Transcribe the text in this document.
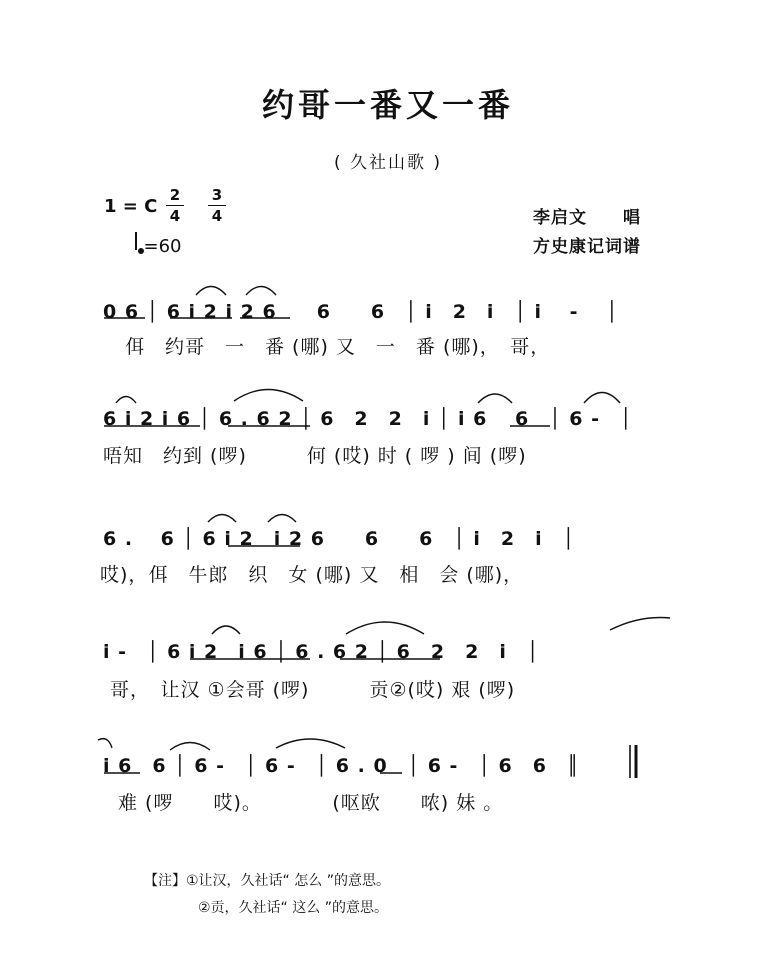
约哥一番又一番
( 久社山歌 )
1 = C
2
4
3
4
=60
李启文　　唱
方史康记词谱
0 6 │ 6 i 2 i 2 6　　6　　6　│ i　2　i　│ i　 -　 │
佴　约哥　一　番 (哪) 又　一　番 (哪)，　哥，
6 i 2 i 6 │ 6 . 6 2 │ 6　2　2　i │ i 6　 6　│ 6 -　│
唔知　约到 (啰)　　　何 (哎) 时 ( 啰 ) 间 (啰)
6 .　 6 │ 6 i 2　i 2 6　　6　　6　│ i　2　i　│
哎)，佴　牛郎　织　女 (哪) 又　相　会 (哪)，
i -　│ 6 i 2　i 6 │ 6 . 6 2 │ 6　2　2　i　│
哥，　让汉 ①会哥 (啰)　　　贡②(哎) 艰 (啰)
i 6　6 │ 6 -　│ 6 -　│ 6 . 0　│ 6 -　│ 6　6　║
难 (啰　　哎)。　　　　(呕欧　　哝) 妹 。
【注】①让汉，久社话“ 怎么 ”的意思。
②贡，久社话“ 这么 ”的意思。
